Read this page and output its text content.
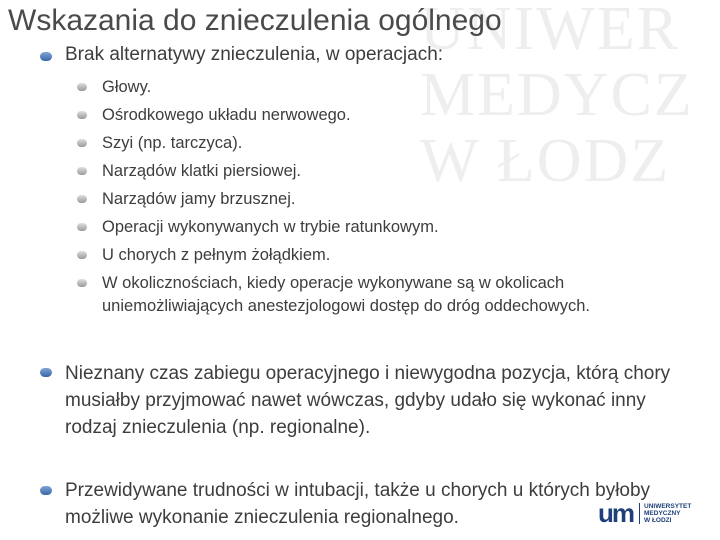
UNIWER
MEDYCZ
W ŁODZ
Wskazania do znieczulenia ogólnego
Brak alternatywy znieczulenia, w operacjach:
Głowy.
Ośrodkowego układu nerwowego.
Szyi (np. tarczyca).
Narządów klatki piersiowej.
Narządów jamy brzusznej.
Operacji wykonywanych w trybie ratunkowym.
U chorych z pełnym żołądkiem.
W okolicznościach, kiedy operacje wykonywane są w okolicach uniemożliwiających anestezjologowi dostęp do dróg oddechowych.
Nieznany czas zabiegu operacyjnego i niewygodna pozycja, którą chory musiałby przyjmować nawet wówczas, gdyby udało się wykonać inny rodzaj znieczulenia (np. regionalne).
Przewidywane trudności w intubacji, także u chorych u których byłoby możliwe wykonanie znieczulenia regionalnego.	um UNIWERSYTET
MEDYCZNY
W ŁODZI
